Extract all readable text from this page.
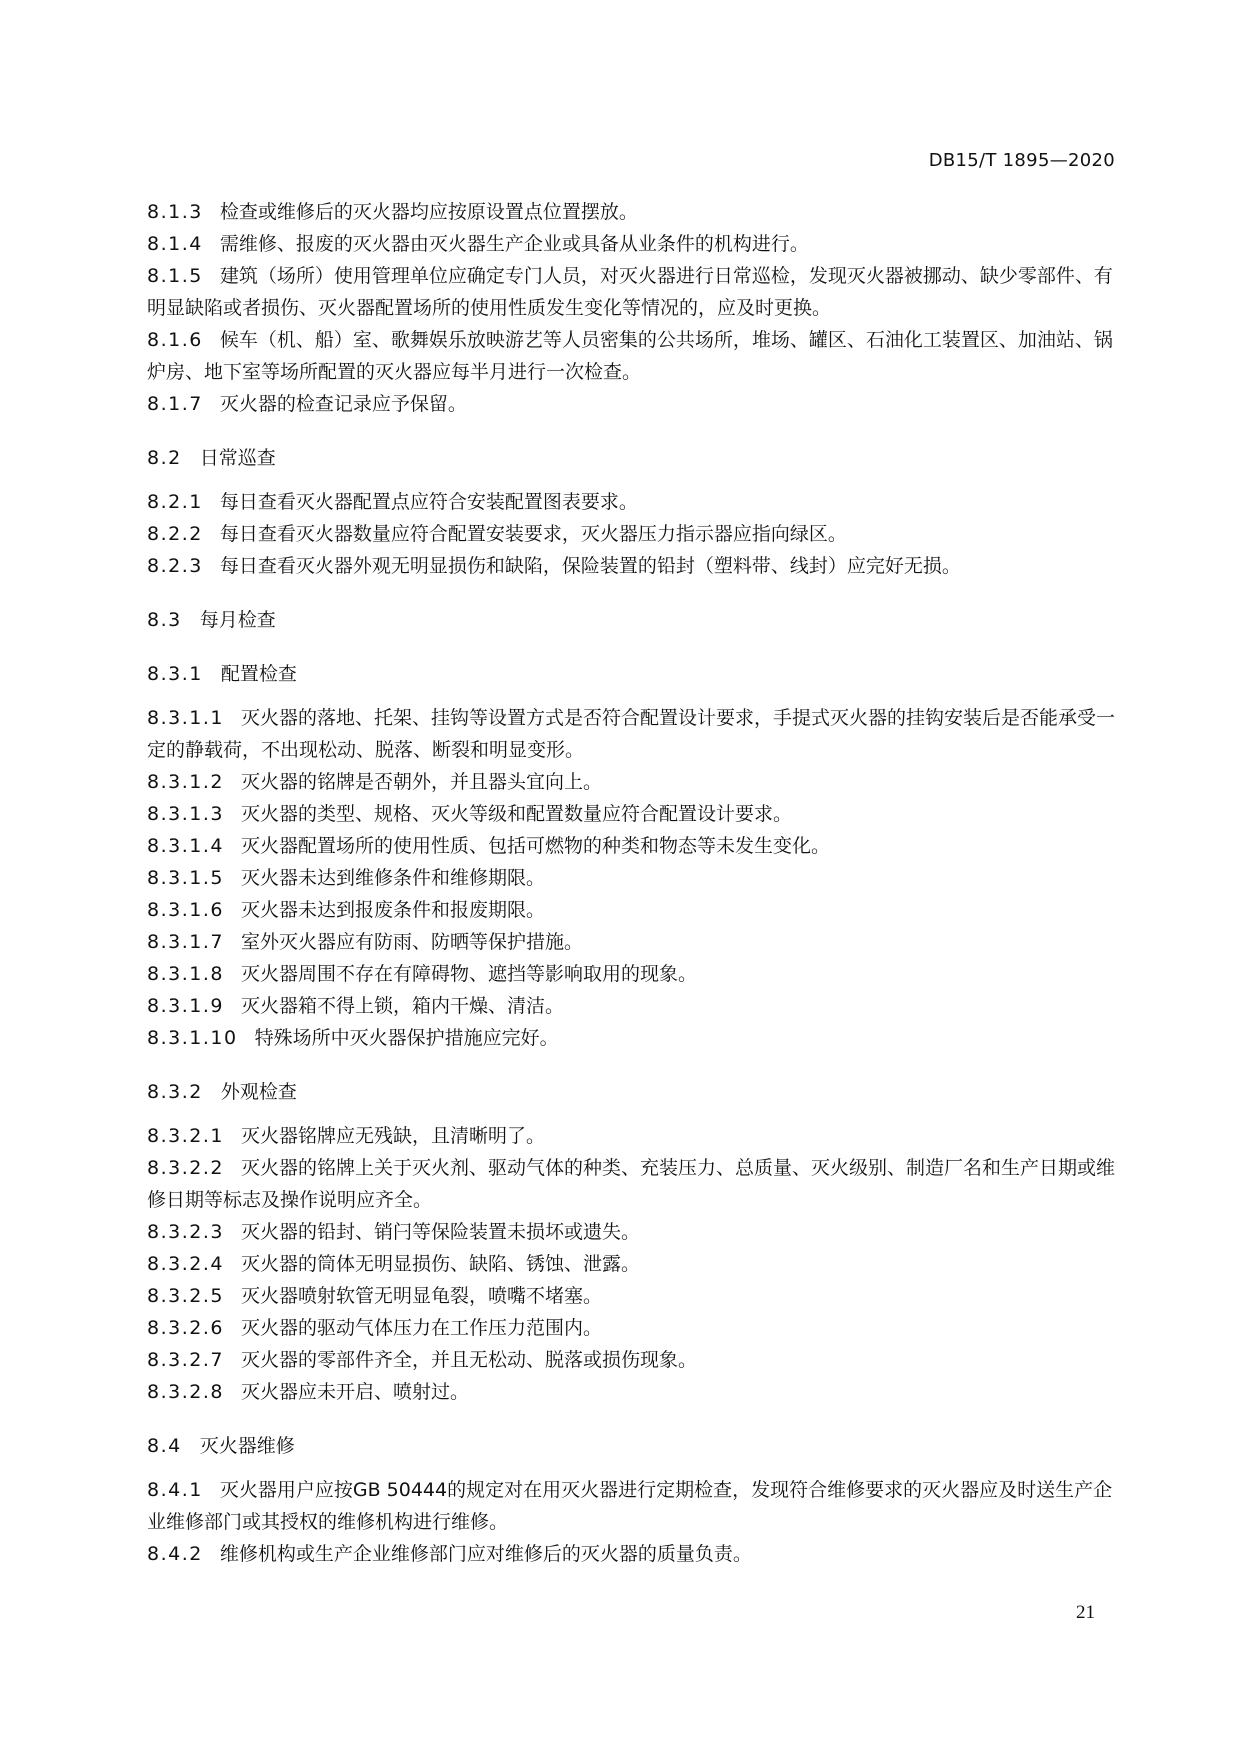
DB15/T 1895—2020

8.1.3 检查或维修后的灭火器均应按原设置点位置摆放。

8.1.4 需维修、报废的灭火器由灭火器生产企业或具备从业条件的机构进行。

8.1.5 建筑（场所）使用管理单位应确定专门人员，对灭火器进行日常巡检，发现灭火器被挪动、缺少零部件、有明显缺陷或者损伤、灭火器配置场所的使用性质发生变化等情况的，应及时更换。

8.1.6 候车（机、船）室、歌舞娱乐放映游艺等人员密集的公共场所，堆场、罐区、石油化工装置区、加油站、锅炉房、地下室等场所配置的灭火器应每半月进行一次检查。

8.1.7 灭火器的检查记录应予保留。

8.2 日常巡查

8.2.1 每日查看灭火器配置点应符合安装配置图表要求。

8.2.2 每日查看灭火器数量应符合配置安装要求，灭火器压力指示器应指向绿区。

8.2.3 每日查看灭火器外观无明显损伤和缺陷，保险装置的铅封（塑料带、线封）应完好无损。

8.3 每月检查

8.3.1 配置检查

8.3.1.1 灭火器的落地、托架、挂钩等设置方式是否符合配置设计要求，手提式灭火器的挂钩安装后是否能承受一定的静载荷，不出现松动、脱落、断裂和明显变形。

8.3.1.2 灭火器的铭牌是否朝外，并且器头宜向上。

8.3.1.3 灭火器的类型、规格、灭火等级和配置数量应符合配置设计要求。

8.3.1.4 灭火器配置场所的使用性质、包括可燃物的种类和物态等未发生变化。

8.3.1.5 灭火器未达到维修条件和维修期限。

8.3.1.6 灭火器未达到报废条件和报废期限。

8.3.1.7 室外灭火器应有防雨、防晒等保护措施。

8.3.1.8 灭火器周围不存在有障碍物、遮挡等影响取用的现象。

8.3.1.9 灭火器箱不得上锁，箱内干燥、清洁。

8.3.1.10 特殊场所中灭火器保护措施应完好。

8.3.2 外观检查

8.3.2.1 灭火器铭牌应无残缺，且清晰明了。

8.3.2.2 灭火器的铭牌上关于灭火剂、驱动气体的种类、充装压力、总质量、灭火级别、制造厂名和生产日期或维修日期等标志及操作说明应齐全。

8.3.2.3 灭火器的铅封、销闩等保险装置未损坏或遗失。

8.3.2.4 灭火器的筒体无明显损伤、缺陷、锈蚀、泄露。

8.3.2.5 灭火器喷射软管无明显龟裂，喷嘴不堵塞。

8.3.2.6 灭火器的驱动气体压力在工作压力范围内。

8.3.2.7 灭火器的零部件齐全，并且无松动、脱落或损伤现象。

8.3.2.8 灭火器应未开启、喷射过。

8.4 灭火器维修

8.4.1 灭火器用户应按GB 50444的规定对在用灭火器进行定期检查，发现符合维修要求的灭火器应及时送生产企业维修部门或其授权的维修机构进行维修。

8.4.2 维修机构或生产企业维修部门应对维修后的灭火器的质量负责。

21
